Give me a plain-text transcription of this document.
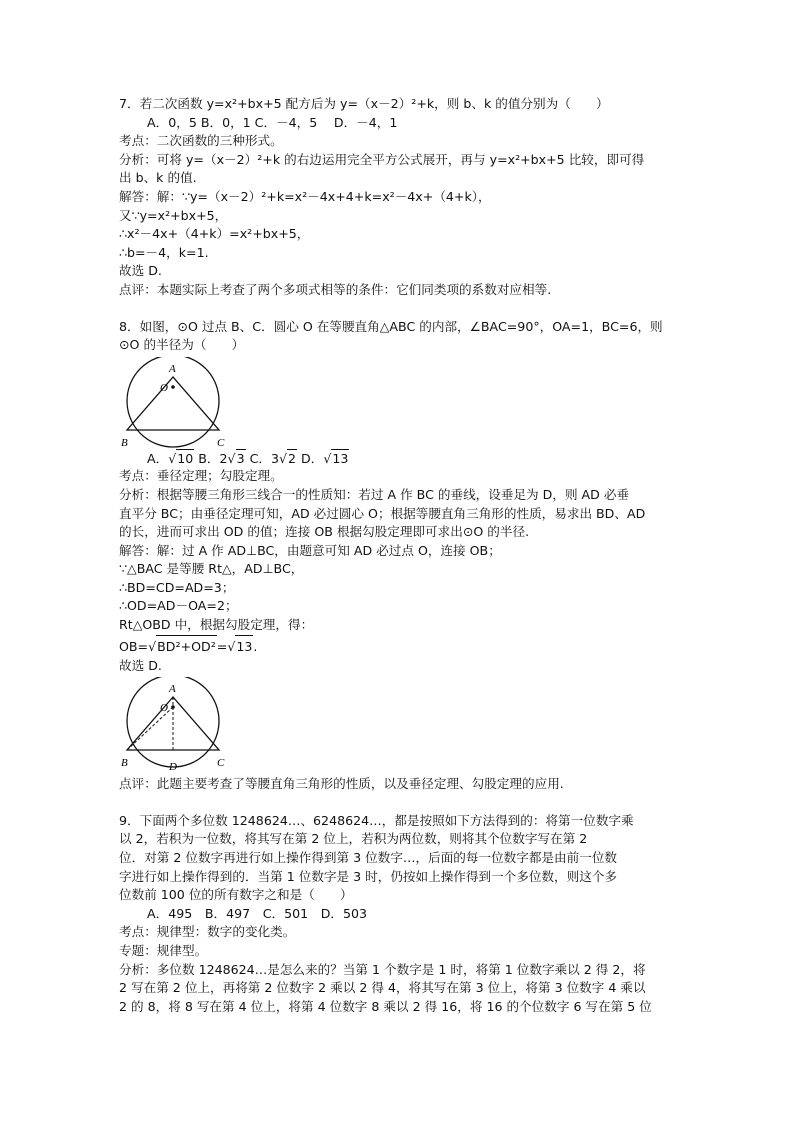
7．若二次函数 y=x²+bx+5 配方后为 y=（x－2）²+k，则 b、k 的值分别为（　　）
A．0，5 B．0，1 C．－4，5　 D．－4，1
考点：二次函数的三种形式。
分析：可将 y=（x－2）²+k 的右边运用完全平方公式展开，再与 y=x²+bx+5 比较，即可得
出 b、k 的值.
解答：解：∵y=（x－2）²+k=x²－4x+4+k=x²－4x+（4+k），
又∵y=x²+bx+5，
∴x²－4x+（4+k）=x²+bx+5，
∴b=－4，k=1.
故选 D.
点评：本题实际上考查了两个多项式相等的条件：它们同类项的系数对应相等.
8．如图，⊙O 过点 B、C．圆心 O 在等腰直角△ABC 的内部，∠BAC=90°，OA=1，BC=6，则
⊙O 的半径为（　　）
A
O
B	C
A．√10 B．2√3 C．3√2 D．√13
考点：垂径定理；勾股定理。
分析：根据等腰三角形三线合一的性质知：若过 A 作 BC 的垂线，设垂足为 D，则 AD 必垂
直平分 BC；由垂径定理可知，AD 必过圆心 O；根据等腰直角三角形的性质，易求出 BD、AD
的长，进而可求出 OD 的值；连接 OB 根据勾股定理即可求出⊙O 的半径.
解答：解：过 A 作 AD⊥BC，由题意可知 AD 必过点 O，连接 OB；
∵△BAC 是等腰 Rt△，AD⊥BC，
∴BD=CD=AD=3；
∴OD=AD－OA=2；
Rt△OBD 中，根据勾股定理，得：
OB=√BD²+OD²=√13.
故选 D.
A
O
B	C
D
点评：此题主要考查了等腰直角三角形的性质，以及垂径定理、勾股定理的应用.
9．下面两个多位数 1248624…、6248624…，都是按照如下方法得到的：将第一位数字乘
以 2，若积为一位数，将其写在第 2 位上，若积为两位数，则将其个位数字写在第 2
位．对第 2 位数字再进行如上操作得到第 3 位数字…，后面的每一位数字都是由前一位数
字进行如上操作得到的．当第 1 位数字是 3 时，仍按如上操作得到一个多位数，则这个多
位数前 100 位的所有数字之和是（　　）
A．495　B．497　C．501　D．503
考点：规律型：数字的变化类。
专题：规律型。
分析：多位数 1248624…是怎么来的？当第 1 个数字是 1 时，将第 1 位数字乘以 2 得 2，将
2 写在第 2 位上，再将第 2 位数字 2 乘以 2 得 4，将其写在第 3 位上，将第 3 位数字 4 乘以
2 的 8，将 8 写在第 4 位上，将第 4 位数字 8 乘以 2 得 16，将 16 的个位数字 6 写在第 5 位
